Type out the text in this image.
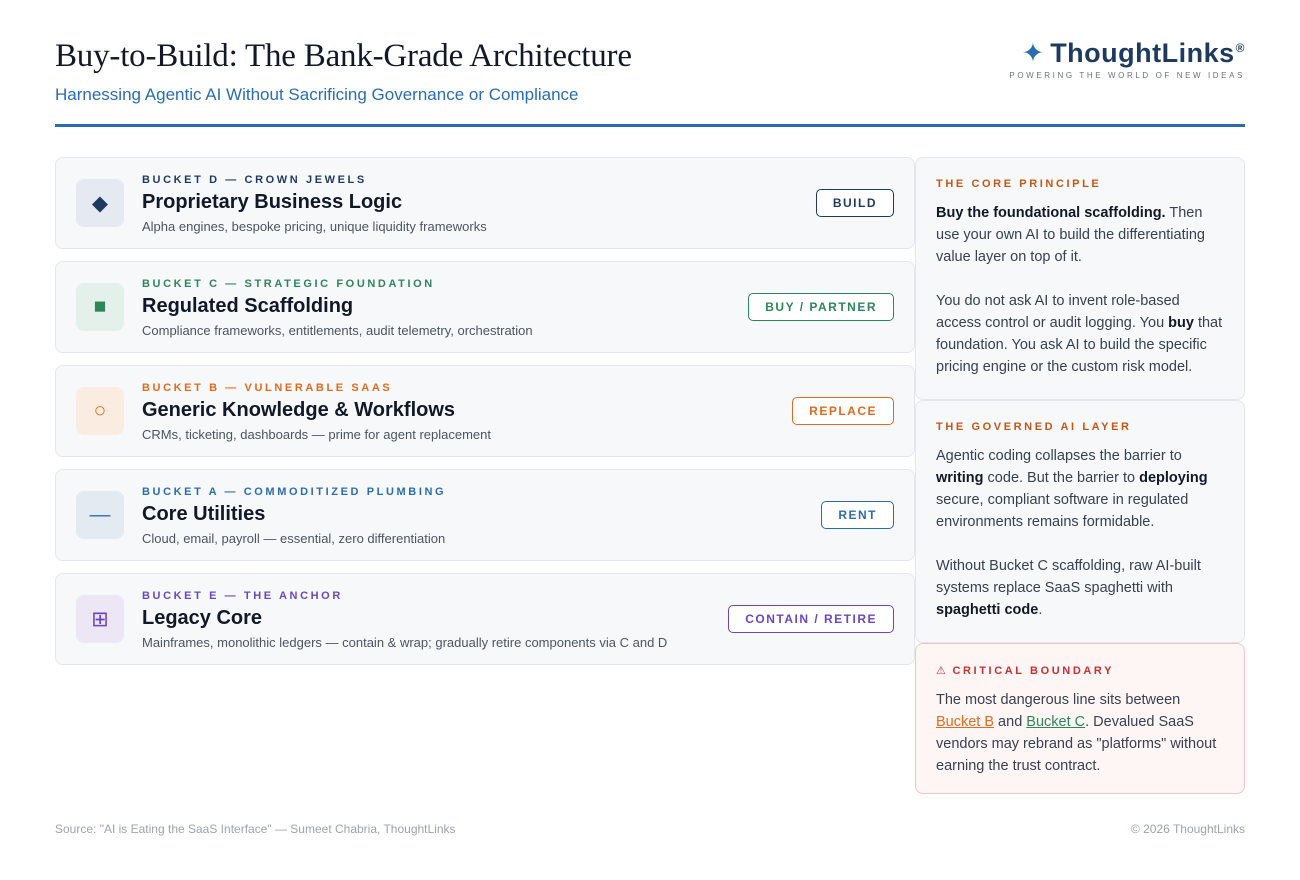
Buy-to-Build: The Bank-Grade Architecture
Harnessing Agentic AI Without Sacrificing Governance or Compliance
✦ ThoughtLinks®
POWERING THE WORLD OF NEW IDEAS
◆
BUCKET D — CROWN JEWELS
Proprietary Business Logic
Alpha engines, bespoke pricing, unique liquidity frameworks
BUILD
■
BUCKET C — STRATEGIC FOUNDATION
Regulated Scaffolding
Compliance frameworks, entitlements, audit telemetry, orchestration
BUY / PARTNER
○
BUCKET B — VULNERABLE SAAS
Generic Knowledge & Workflows
CRMs, ticketing, dashboards — prime for agent replacement
REPLACE
—
BUCKET A — COMMODITIZED PLUMBING
Core Utilities
Cloud, email, payroll — essential, zero differentiation
RENT
⊞
BUCKET E — THE ANCHOR
Legacy Core
Mainframes, monolithic ledgers — contain & wrap; gradually retire components via C and D
CONTAIN / RETIRE
THE CORE PRINCIPLE

Buy the foundational scaffolding. Then use your own AI to build the differentiating value layer on top of it.

You do not ask AI to invent role-based access control or audit logging. You buy that foundation. You ask AI to build the specific pricing engine or the custom risk model.

THE GOVERNED AI LAYER

Agentic coding collapses the barrier to writing code. But the barrier to deploying secure, compliant software in regulated environments remains formidable.

Without Bucket C scaffolding, raw AI-built systems replace SaaS spaghetti with spaghetti code.

⚠ CRITICAL BOUNDARY

The most dangerous line sits between Bucket B and Bucket C. Devalued SaaS vendors may rebrand as "platforms" without earning the trust contract.

Source: "AI is Eating the SaaS Interface" — Sumeet Chabria, ThoughtLinks	© 2026 ThoughtLinks
